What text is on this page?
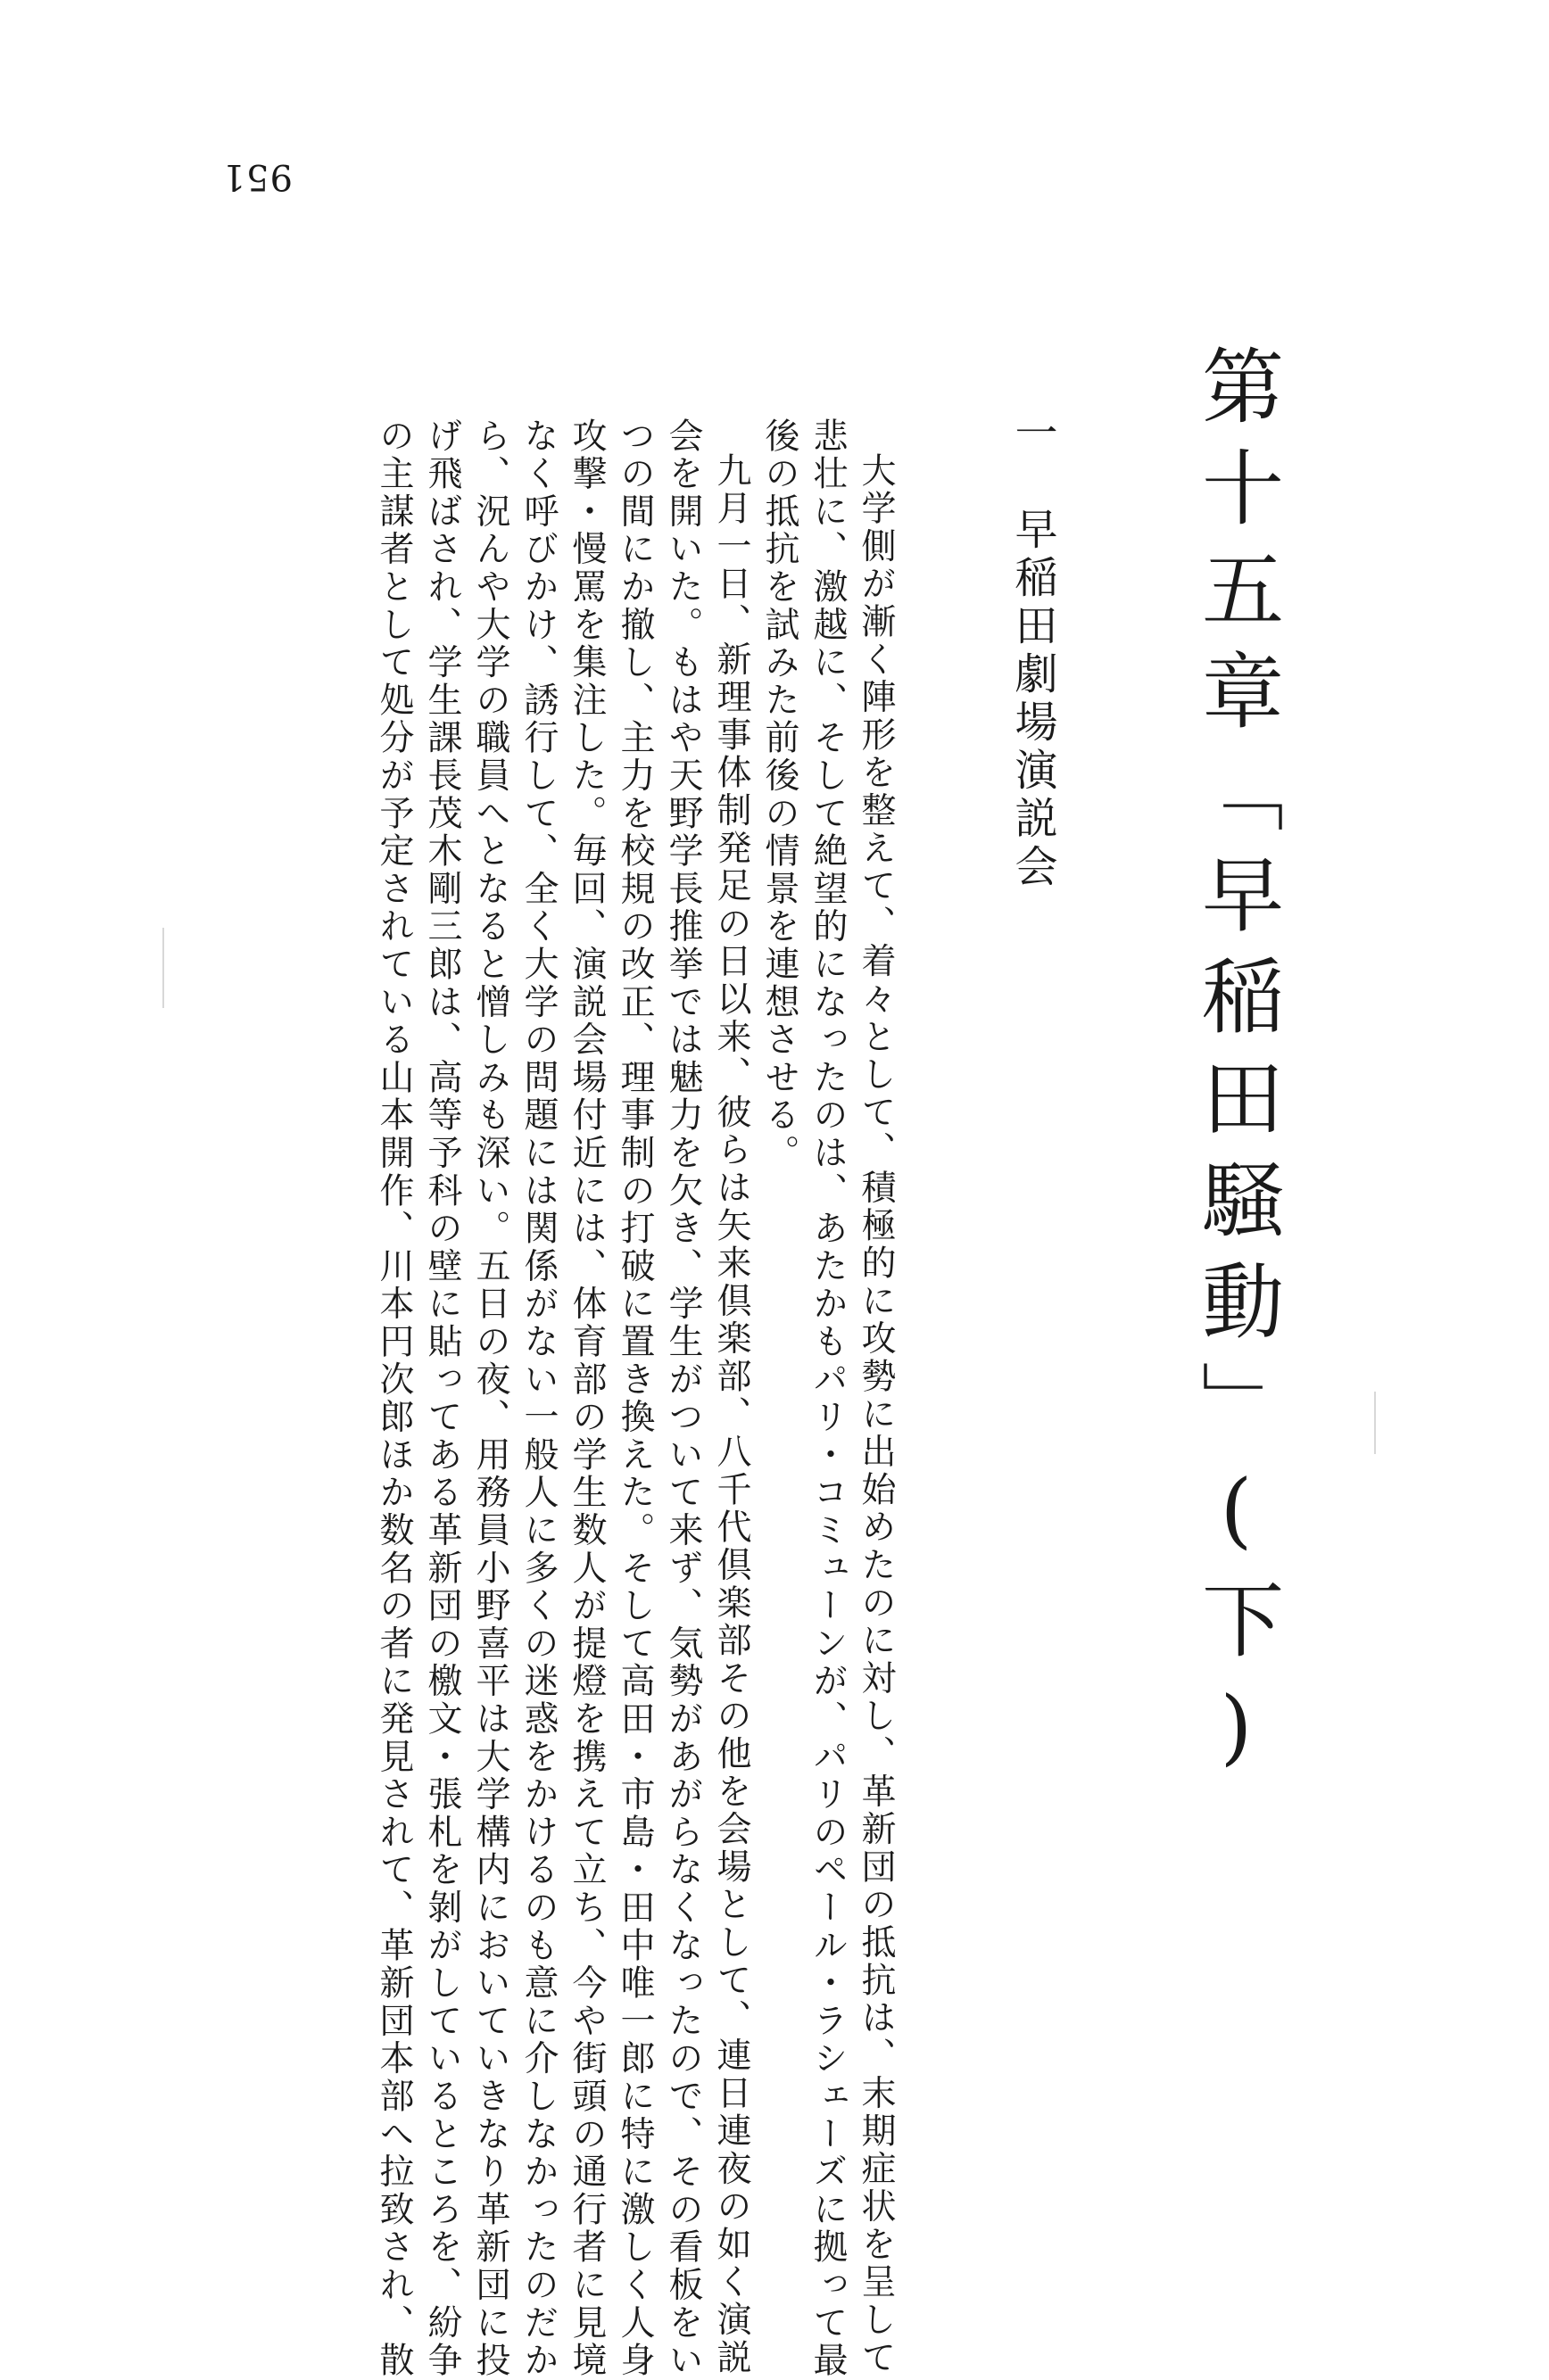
951
第十五章「早稲田騒動」(下)
一　早稲田劇場演説会
大学側が漸く陣形を整えて、着々として、積極的に攻勢に出始めたのに対し、革新団の抵抗は、末期症状を呈して
悲壮に、激越に、そして絶望的になったのは、あたかもパリ・コミューンが、パリのペール・ラシェーズに拠って最
後の抵抗を試みた前後の情景を連想させる。
九月一日、新理事体制発足の日以来、彼らは矢来倶楽部、八千代倶楽部その他を会場として、連日連夜の如く演説
会を開いた。もはや天野学長推挙では魅力を欠き、学生がついて来ず、気勢があがらなくなったので、その看板をい
つの間にか撤し、主力を校規の改正、理事制の打破に置き換えた。そして高田・市島・田中唯一郎に特に激しく人身
攻撃・慢罵を集注した。毎回、演説会場付近には、体育部の学生数人が提燈を携えて立ち、今や街頭の通行者に見境
なく呼びかけ、誘行して、全く大学の問題には関係がない一般人に多くの迷惑をかけるのも意に介しなかったのだか
ら、況んや大学の職員へとなると憎しみも深い。五日の夜、用務員小野喜平は大学構内においていきなり革新団に投
げ飛ばされ、学生課長茂木剛三郎は、高等予科の壁に貼ってある革新団の檄文・張札を剝がしているところを、紛争
の主謀者として処分が予定されている山本開作、川本円次郎ほか数名の者に発見されて、革新団本部へ拉致され、散
